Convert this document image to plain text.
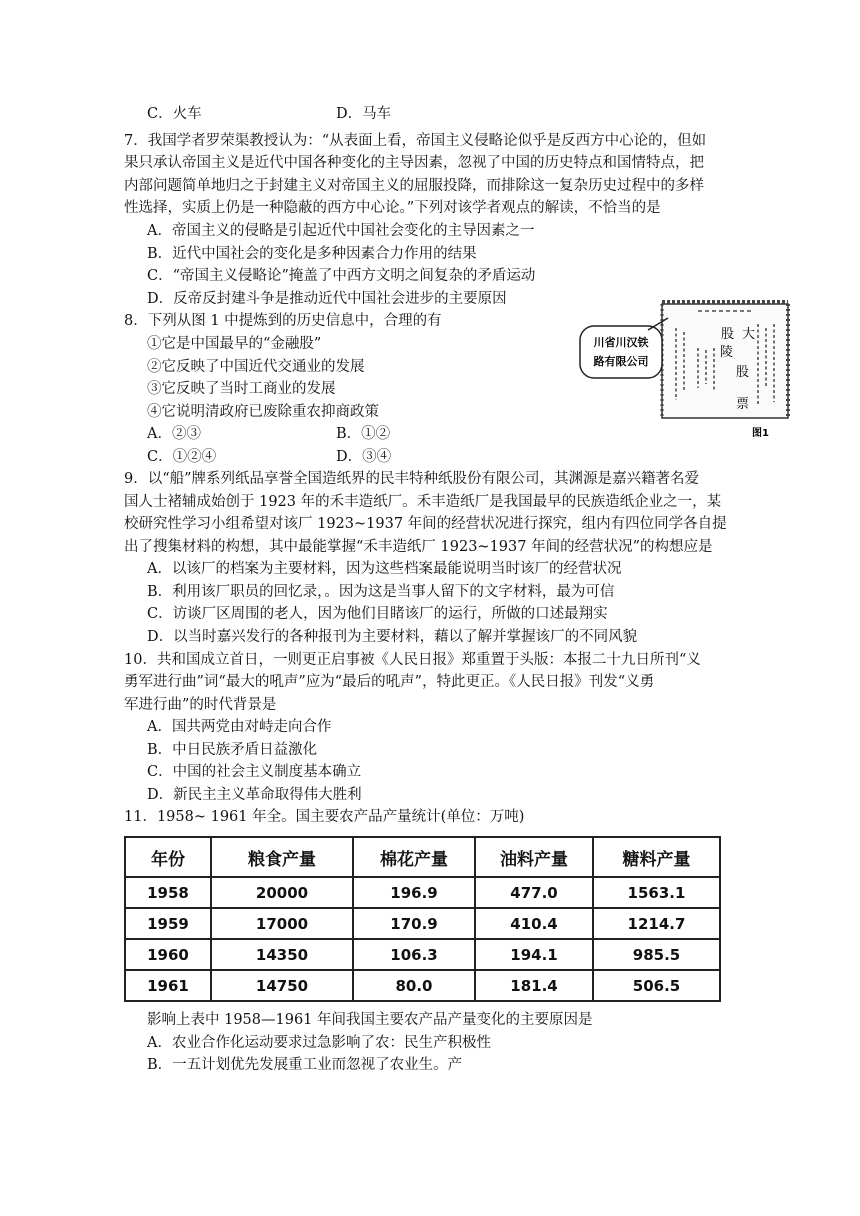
C．火车	D．马车
7．我国学者罗荣渠教授认为：“从表面上看，帝国主义侵略论似乎是反西方中心论的，但如
果只承认帝国主义是近代中国各种变化的主导因素，忽视了中国的历史特点和国情特点，把
内部问题简单地归之于封建主义对帝国主义的屈服投降，而排除这一复杂历史过程中的多样
性选择，实质上仍是一种隐蔽的西方中心论。”下列对该学者观点的解读，不恰当的是
A．帝国主义的侵略是引起近代中国社会变化的主导因素之一
B．近代中国社会的变化是多种因素合力作用的结果
C．“帝国主义侵略论”掩盖了中西方文明之间复杂的矛盾运动
D．反帝反封建斗争是推动近代中国社会进步的主要原因
8．下列从图 1 中提炼到的历史信息中，合理的有
①它是中国最早的“金融股”
②它反映了中国近代交通业的发展
③它反映了当时工商业的发展
④它说明清政府已废除重农抑商政策
A．②③	B．①②
C．①②④	D．③④
9．以“船”牌系列纸品享誉全国造纸界的民丰特种纸股份有限公司，其渊源是嘉兴籍著名爱
国人士褚辅成始创于 1923 年的禾丰造纸厂。禾丰造纸厂是我国最早的民族造纸企业之一，某
校研究性学习小组希望对该厂 1923~1937 年间的经营状况进行探究，组内有四位同学各自提
出了搜集材料的构想，其中最能掌握“禾丰造纸厂 1923~1937 年间的经营状况”的构想应是
A．以该厂的档案为主要材料，因为这些档案最能说明当时该厂的经营状况
B．利用该厂职员的回忆录，。因为这是当事人留下的文字材料，最为可信
C．访谈厂区周围的老人，因为他们目睹该厂的运行，所做的口述最翔实
D．以当时嘉兴发行的各种报刊为主要材料，藉以了解并掌握该厂的不同风貌
10．共和国成立首日，一则更正启事被《人民日报》郑重置于头版：本报二十九日所刊“义
勇军进行曲”词“最大的吼声”应为“最后的吼声”，特此更正。《人民日报》刊发“义勇
军进行曲”的时代背景是
A．国共两党由对峙走向合作
B．中日民族矛盾日益激化
C．中国的社会主义制度基本确立
D．新民主主义革命取得伟大胜利
11．1958~ 1961 年全。国主要农产品产量统计(单位：万吨)
影响上表中 1958—1961 年间我国主要农产品产量变化的主要原因是
A．农业合作化运动要求过急影响了农：民生产积极性
B．一五计划优先发展重工业而忽视了农业生。产
川省川汉铁
路有限公司
股 大
陵
股
票
图1
年份	粮食产量	棉花产量	油料产量	糖料产量
1958	20000	196.9	477.0	1563.1
1959	17000	170.9	410.4	1214.7
1960	14350	106.3	194.1	985.5
1961	14750	80.0	181.4	506.5
